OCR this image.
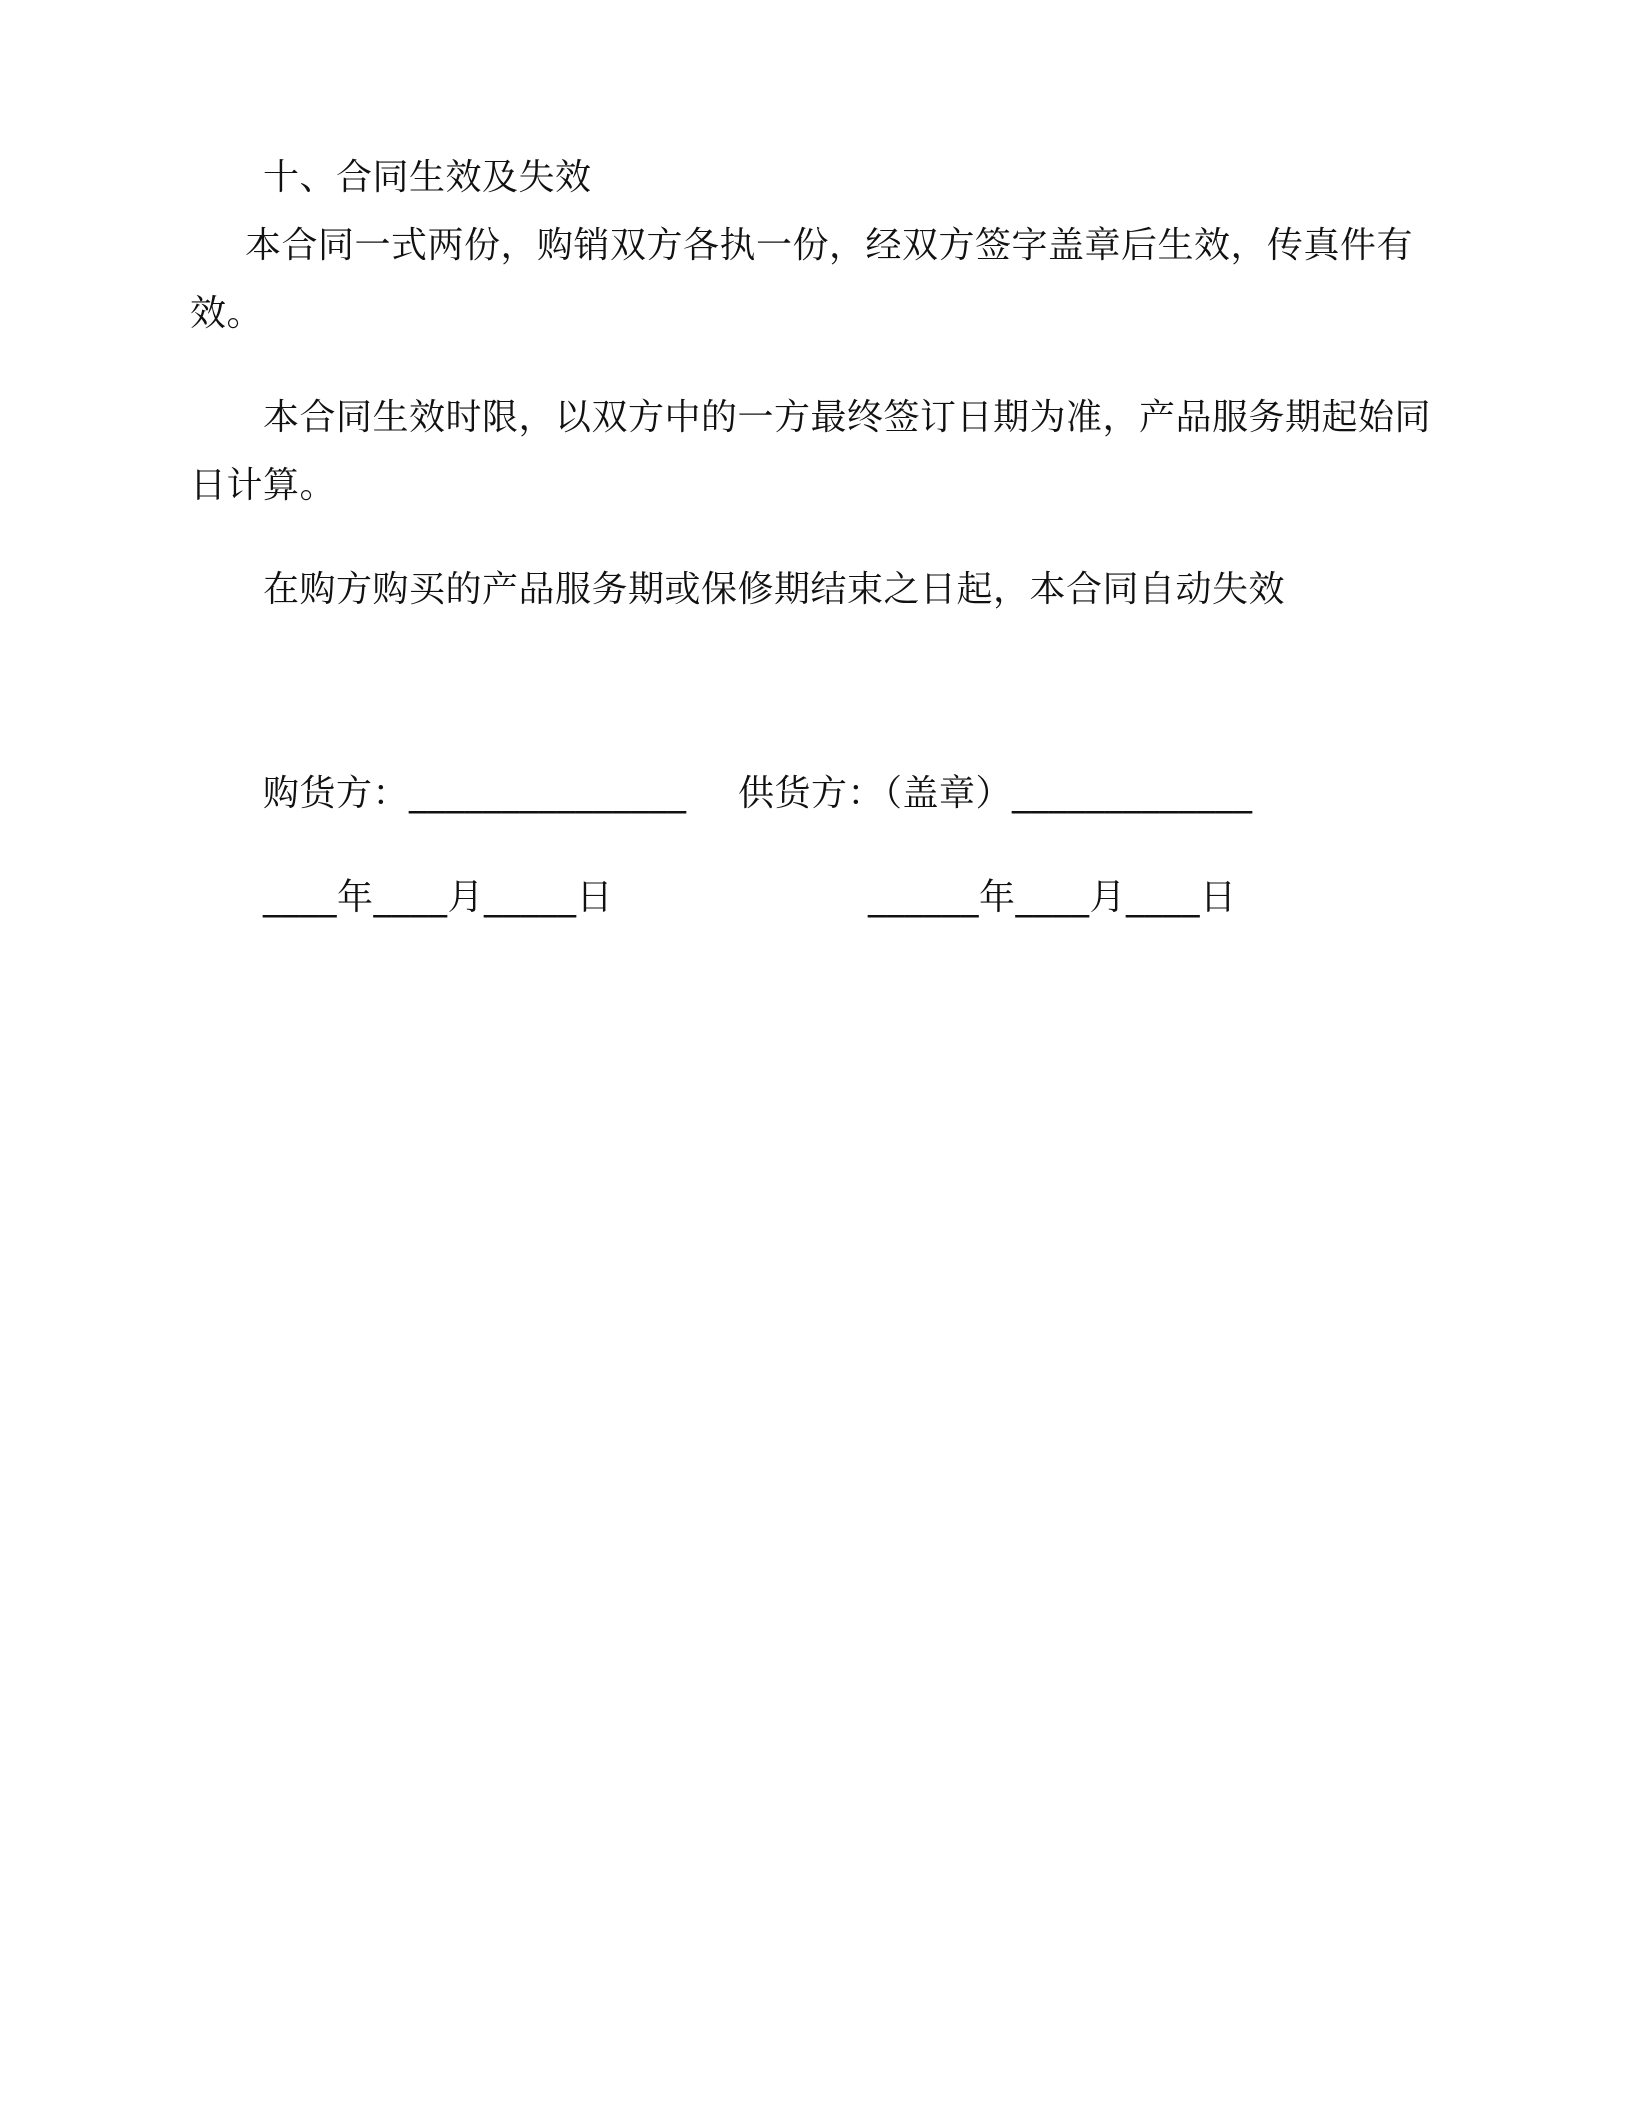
十、合同生效及失效
本合同一式两份，购销双方各执一份，经双方签字盖章后生效，传真件有
效。
本合同生效时限，以双方中的一方最终签订日期为准，产品服务期起始同
日计算。
在购方购买的产品服务期或保修期结束之日起，本合同自动失效
购货方：_______________ 供货方：（盖章）_____________
____年____月_____日	______年____月____日
